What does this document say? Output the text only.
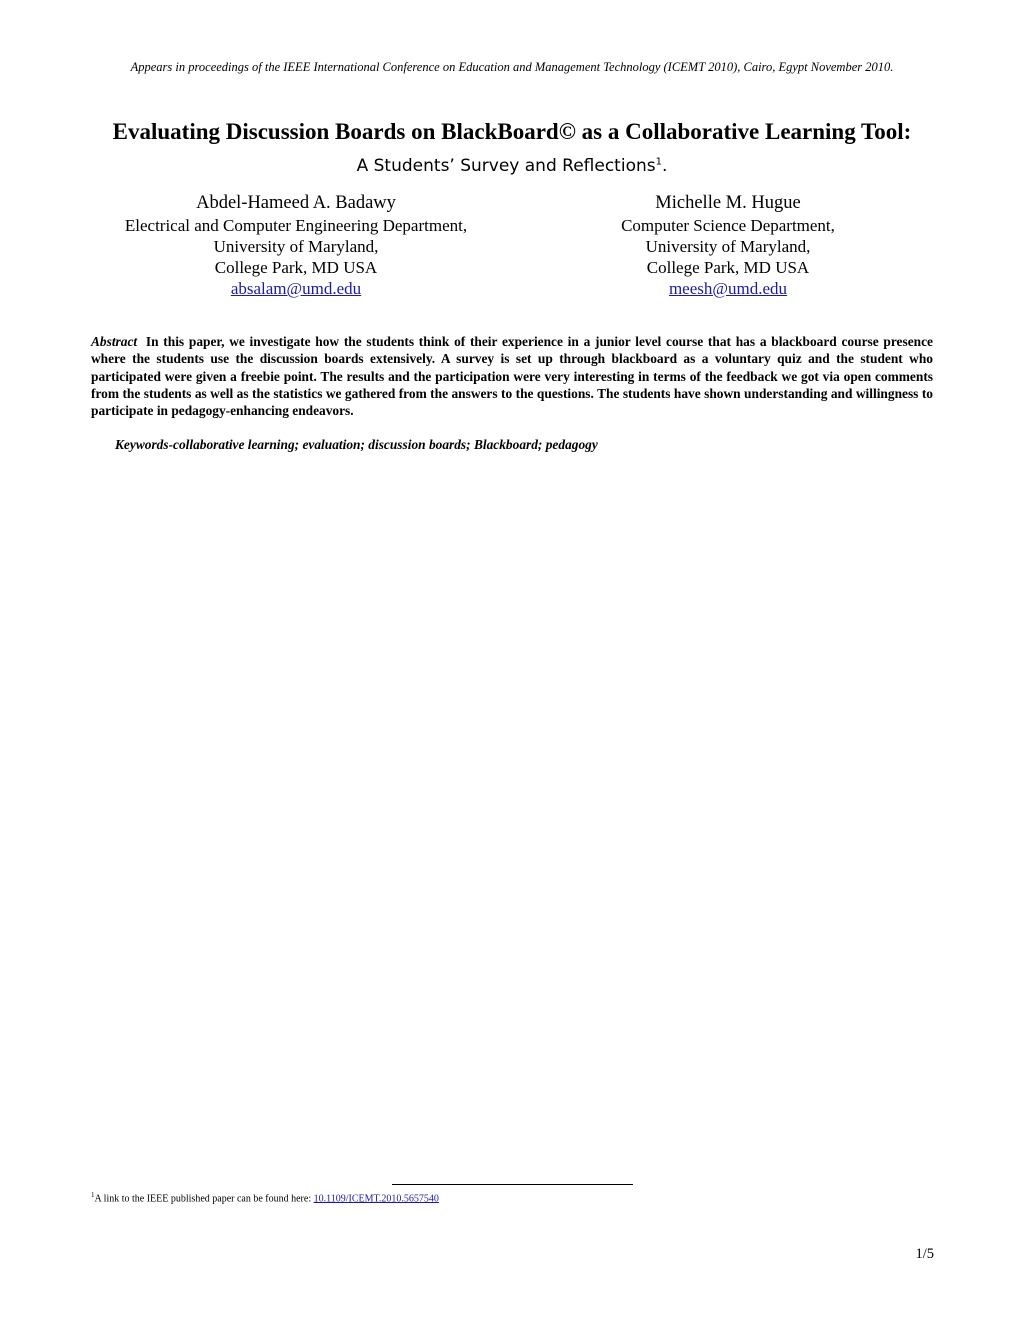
Appears in proceedings of the IEEE International Conference on Education and Management Technology (ICEMT 2010), Cairo, Egypt November 2010.
Evaluating Discussion Boards on BlackBoard© as a Collaborative Learning Tool:
A Students’ Survey and Reflections$^1$.
Abdel-Hameed A. Badawy
Electrical and Computer Engineering Department,
University of Maryland,
College Park, MD USA
absalam@umd.edu
Michelle M. Hugue
Computer Science Department,
University of Maryland,
College Park, MD USA
meesh@umd.edu
Abstract In this paper, we investigate how the students think of their experience in a junior level course that has a blackboard course presence where the students use the discussion boards extensively. A survey is set up through blackboard as a voluntary quiz and the student who participated were given a freebie point. The results and the participation were very interesting in terms of the feedback we got via open comments from the students as well as the statistics we gathered from the answers to the questions. The students have shown understanding and willingness to participate in pedagogy-enhancing endeavors.
Keywords-collaborative learning; evaluation; discussion boards; Blackboard; pedagogy
$^1$A link to the IEEE published paper can be found here: 10.1109/ICEMT.2010.5657540
1/5
